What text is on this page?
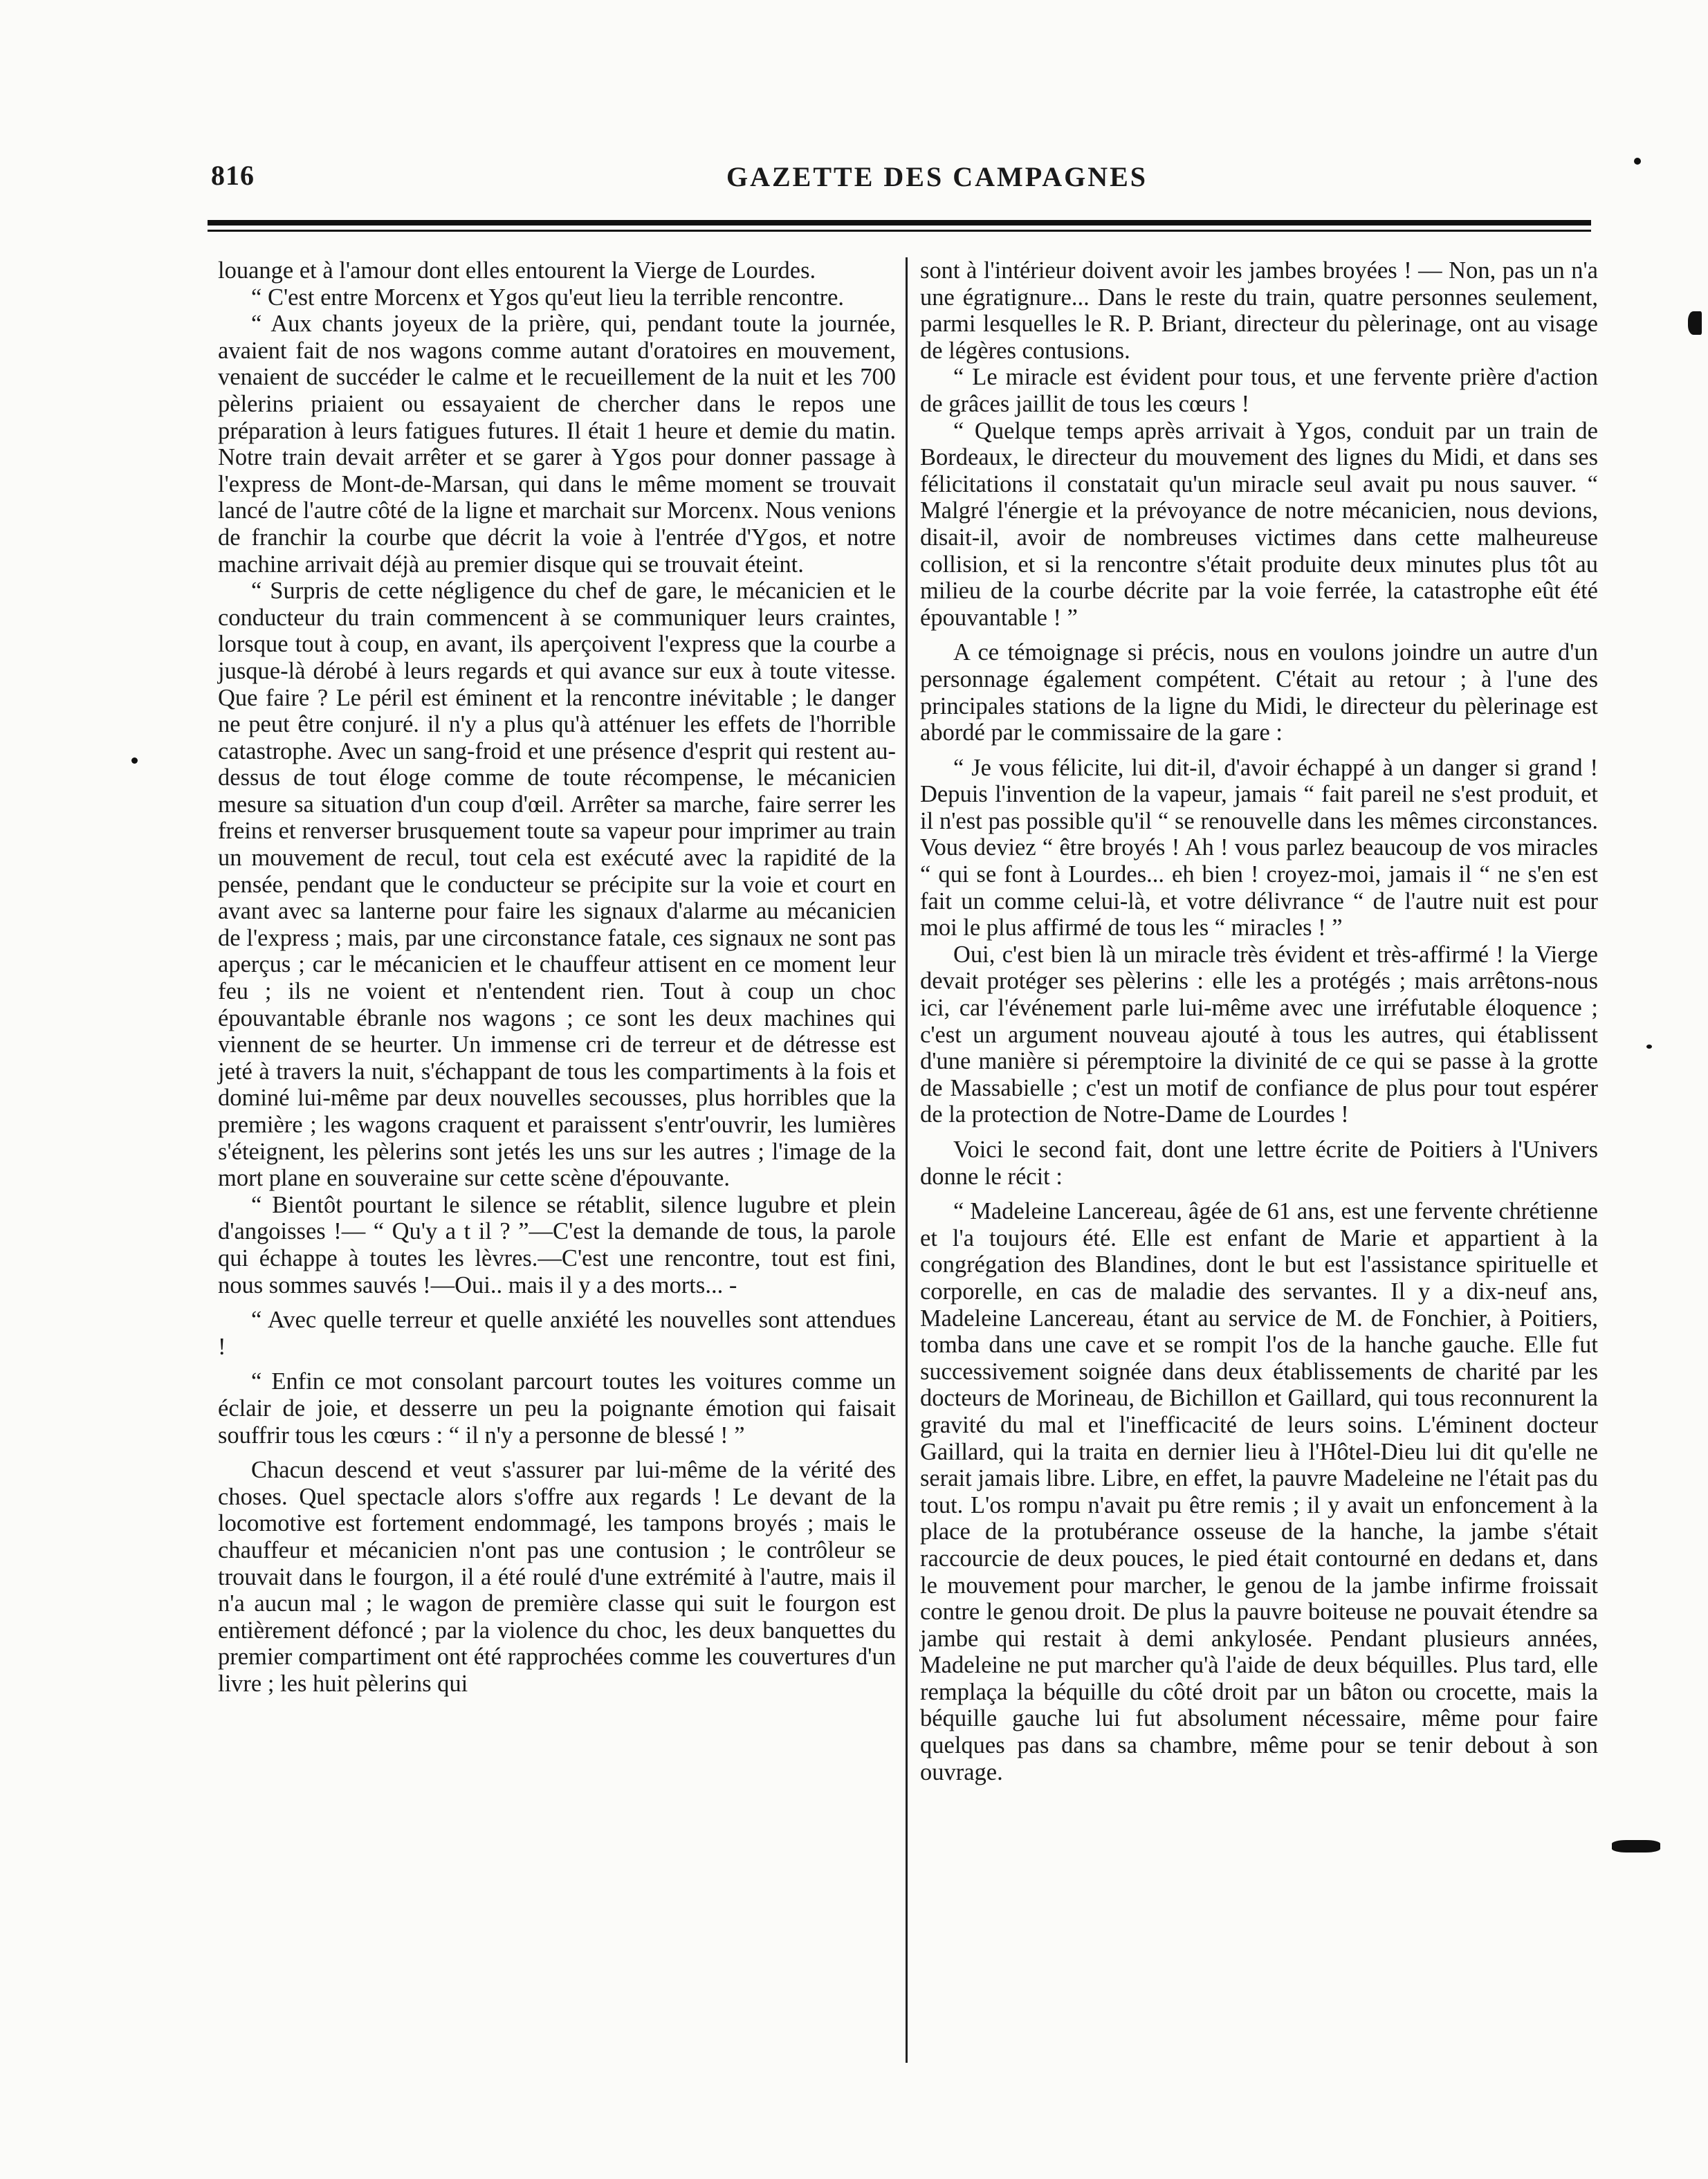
816	GAZETTE DES CAMPAGNES

louange et à l'amour dont elles entourent la Vierge de Lourdes.

“ C'est entre Morcenx et Ygos qu'eut lieu la terrible rencontre.

“ Aux chants joyeux de la prière, qui, pendant toute la journée, avaient fait de nos wagons comme autant d'oratoires en mouvement, venaient de succéder le calme et le recueillement de la nuit et les 700 pèlerins priaient ou essayaient de chercher dans le repos une préparation à leurs fatigues futures. Il était 1 heure et demie du matin. Notre train devait arrêter et se garer à Ygos pour donner passage à l'express de Mont-de-Marsan, qui dans le même moment se trouvait lancé de l'autre côté de la ligne et marchait sur Morcenx. Nous venions de franchir la courbe que décrit la voie à l'entrée d'Ygos, et notre machine arrivait déjà au premier disque qui se trouvait éteint.

“ Surpris de cette négligence du chef de gare, le mécanicien et le conducteur du train commencent à se communiquer leurs craintes, lorsque tout à coup, en avant, ils aperçoivent l'express que la courbe a jusque-là dérobé à leurs regards et qui avance sur eux à toute vitesse. Que faire ? Le péril est éminent et la rencontre inévitable ; le danger ne peut être conjuré. il n'y a plus qu'à atténuer les effets de l'horrible catastrophe. Avec un sang-froid et une présence d'esprit qui restent au-dessus de tout éloge comme de toute récompense, le mécanicien mesure sa situation d'un coup d'œil. Arrêter sa marche, faire serrer les freins et renverser brusquement toute sa vapeur pour imprimer au train un mouvement de recul, tout cela est exécuté avec la rapidité de la pensée, pendant que le conducteur se précipite sur la voie et court en avant avec sa lanterne pour faire les signaux d'alarme au mécanicien de l'express ; mais, par une circonstance fatale, ces signaux ne sont pas aperçus ; car le mécanicien et le chauffeur attisent en ce moment leur feu ; ils ne voient et n'entendent rien. Tout à coup un choc épouvantable ébranle nos wagons ; ce sont les deux machines qui viennent de se heurter. Un immense cri de terreur et de détresse est jeté à travers la nuit, s'échappant de tous les compartiments à la fois et dominé lui-même par deux nouvelles secousses, plus horribles que la première ; les wagons craquent et paraissent s'entr'ouvrir, les lumières s'éteignent, les pèlerins sont jetés les uns sur les autres ; l'image de la mort plane en souveraine sur cette scène d'épouvante.

“ Bientôt pourtant le silence se rétablit, silence lugubre et plein d'angoisses !— “ Qu'y a t il ? ”—C'est la demande de tous, la parole qui échappe à toutes les lèvres.—C'est une rencontre, tout est fini, nous sommes sauvés !—Oui.. mais il y a des morts... -

“ Avec quelle terreur et quelle anxiété les nouvelles sont attendues !

“ Enfin ce mot consolant parcourt toutes les voitures comme un éclair de joie, et desserre un peu la poignante émotion qui faisait souffrir tous les cœurs : “ il n'y a personne de blessé ! ”

Chacun descend et veut s'assurer par lui-même de la vérité des choses. Quel spectacle alors s'offre aux regards ! Le devant de la locomotive est fortement endommagé, les tampons broyés ; mais le chauffeur et mécanicien n'ont pas une contusion ; le contrôleur se trouvait dans le fourgon, il a été roulé d'une extrémité à l'autre, mais il n'a aucun mal ; le wagon de première classe qui suit le fourgon est entièrement défoncé ; par la violence du choc, les deux banquettes du premier compartiment ont été rapprochées comme les couvertures d'un livre ; les huit pèlerins qui

sont à l'intérieur doivent avoir les jambes broyées ! — Non, pas un n'a une égratignure... Dans le reste du train, quatre personnes seulement, parmi lesquelles le R. P. Briant, directeur du pèlerinage, ont au visage de légères contusions.

“ Le miracle est évident pour tous, et une fervente prière d'action de grâces jaillit de tous les cœurs !

“ Quelque temps après arrivait à Ygos, conduit par un train de Bordeaux, le directeur du mouvement des lignes du Midi, et dans ses félicitations il constatait qu'un miracle seul avait pu nous sauver. “ Malgré l'énergie et la prévoyance de notre mécanicien, nous devions, disait-il, avoir de nombreuses victimes dans cette malheureuse collision, et si la rencontre s'était produite deux minutes plus tôt au milieu de la courbe décrite par la voie ferrée, la catastrophe eût été épouvantable ! ”

A ce témoignage si précis, nous en voulons joindre un autre d'un personnage également compétent. C'était au retour ; à l'une des principales stations de la ligne du Midi, le directeur du pèlerinage est abordé par le commissaire de la gare :

“ Je vous félicite, lui dit-il, d'avoir échappé à un danger si grand ! Depuis l'invention de la vapeur, jamais “ fait pareil ne s'est produit, et il n'est pas possible qu'il “ se renouvelle dans les mêmes circonstances. Vous deviez “ être broyés ! Ah ! vous parlez beaucoup de vos miracles “ qui se font à Lourdes... eh bien ! croyez-moi, jamais il “ ne s'en est fait un comme celui-là, et votre délivrance “ de l'autre nuit est pour moi le plus affirmé de tous les “ miracles ! ”

Oui, c'est bien là un miracle très évident et très-affirmé ! la Vierge devait protéger ses pèlerins : elle les a protégés ; mais arrêtons-nous ici, car l'événement parle lui-même avec une irréfutable éloquence ; c'est un argument nouveau ajouté à tous les autres, qui établissent d'une manière si péremptoire la divinité de ce qui se passe à la grotte de Massabielle ; c'est un motif de confiance de plus pour tout espérer de la protection de Notre-Dame de Lourdes !

Voici le second fait, dont une lettre écrite de Poitiers à l'Univers donne le récit :

“ Madeleine Lancereau, âgée de 61 ans, est une fervente chrétienne et l'a toujours été. Elle est enfant de Marie et appartient à la congrégation des Blandines, dont le but est l'assistance spirituelle et corporelle, en cas de maladie des servantes. Il y a dix-neuf ans, Madeleine Lancereau, étant au service de M. de Fonchier, à Poitiers, tomba dans une cave et se rompit l'os de la hanche gauche. Elle fut successivement soignée dans deux établissements de charité par les docteurs de Morineau, de Bichillon et Gaillard, qui tous reconnurent la gravité du mal et l'inefficacité de leurs soins. L'éminent docteur Gaillard, qui la traita en dernier lieu à l'Hôtel-Dieu lui dit qu'elle ne serait jamais libre. Libre, en effet, la pauvre Madeleine ne l'était pas du tout. L'os rompu n'avait pu être remis ; il y avait un enfoncement à la place de la protubérance osseuse de la hanche, la jambe s'était raccourcie de deux pouces, le pied était contourné en dedans et, dans le mouvement pour marcher, le genou de la jambe infirme froissait contre le genou droit. De plus la pauvre boiteuse ne pouvait étendre sa jambe qui restait à demi ankylosée. Pendant plusieurs années, Madeleine ne put marcher qu'à l'aide de deux béquilles. Plus tard, elle remplaça la béquille du côté droit par un bâton ou crocette, mais la béquille gauche lui fut absolument nécessaire, même pour faire quelques pas dans sa chambre, même pour se tenir debout à son ouvrage.
